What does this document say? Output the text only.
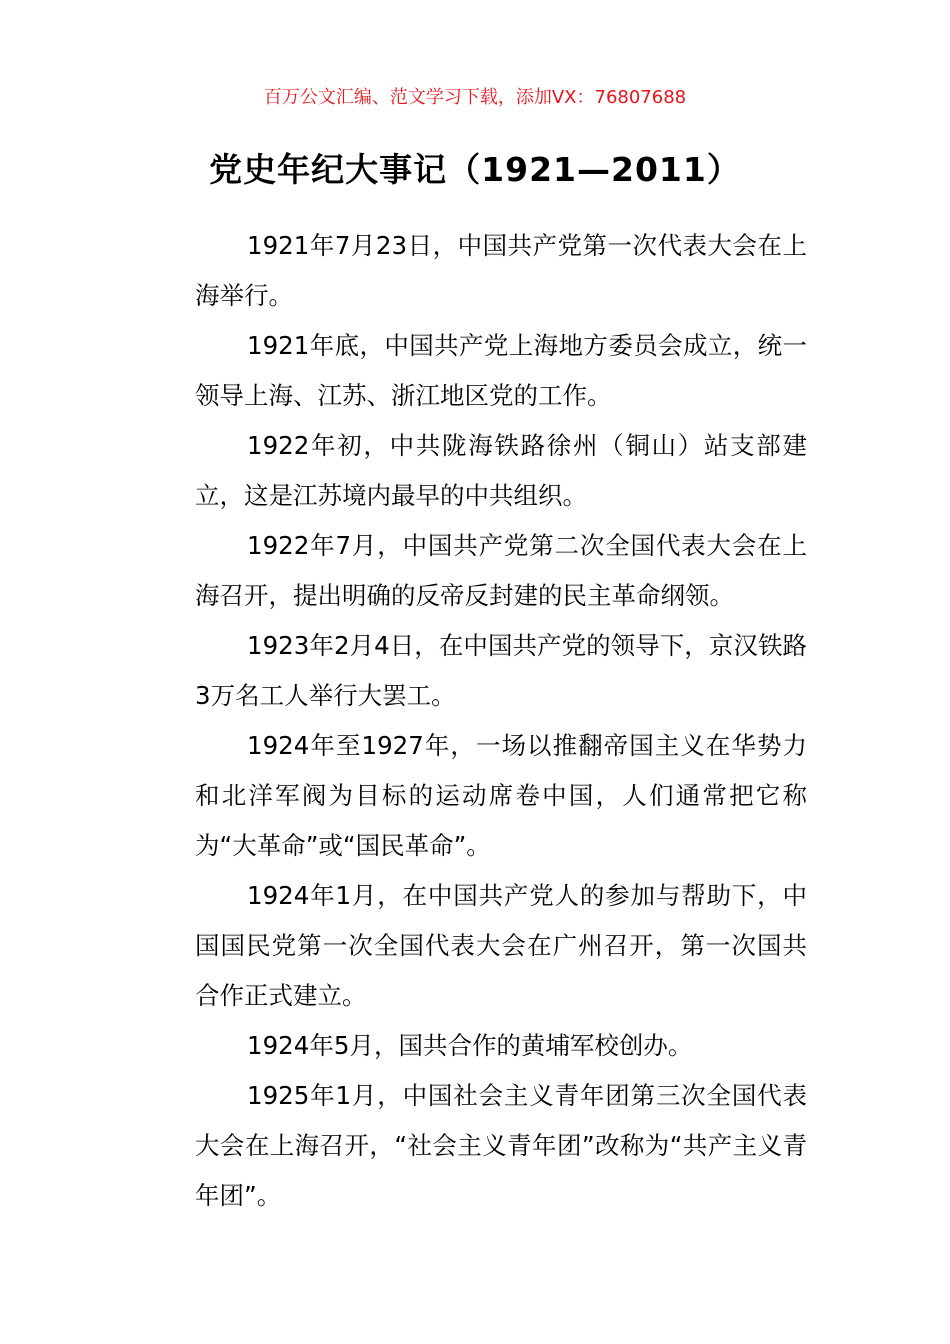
百万公文汇编、范文学习下载，添加VX：76807688
党史年纪大事记（1921—2011）

1921年7月23日，中国共产党第一次代表大会在上海举行。

1921年底，中国共产党上海地方委员会成立，统一领导上海、江苏、浙江地区党的工作。

1922年初，中共陇海铁路徐州（铜山）站支部建立，这是江苏境内最早的中共组织。

1922年7月，中国共产党第二次全国代表大会在上海召开，提出明确的反帝反封建的民主革命纲领。

1923年2月4日，在中国共产党的领导下，京汉铁路3万名工人举行大罢工。

1924年至1927年，一场以推翻帝国主义在华势力和北洋军阀为目标的运动席卷中国，人们通常把它称为“大革命”或“国民革命”。

1924年1月，在中国共产党人的参加与帮助下，中国国民党第一次全国代表大会在广州召开，第一次国共合作正式建立。

1924年5月，国共合作的黄埔军校创办。

1925年1月，中国社会主义青年团第三次全国代表大会在上海召开，“社会主义青年团”改称为“共产主义青年团”。
